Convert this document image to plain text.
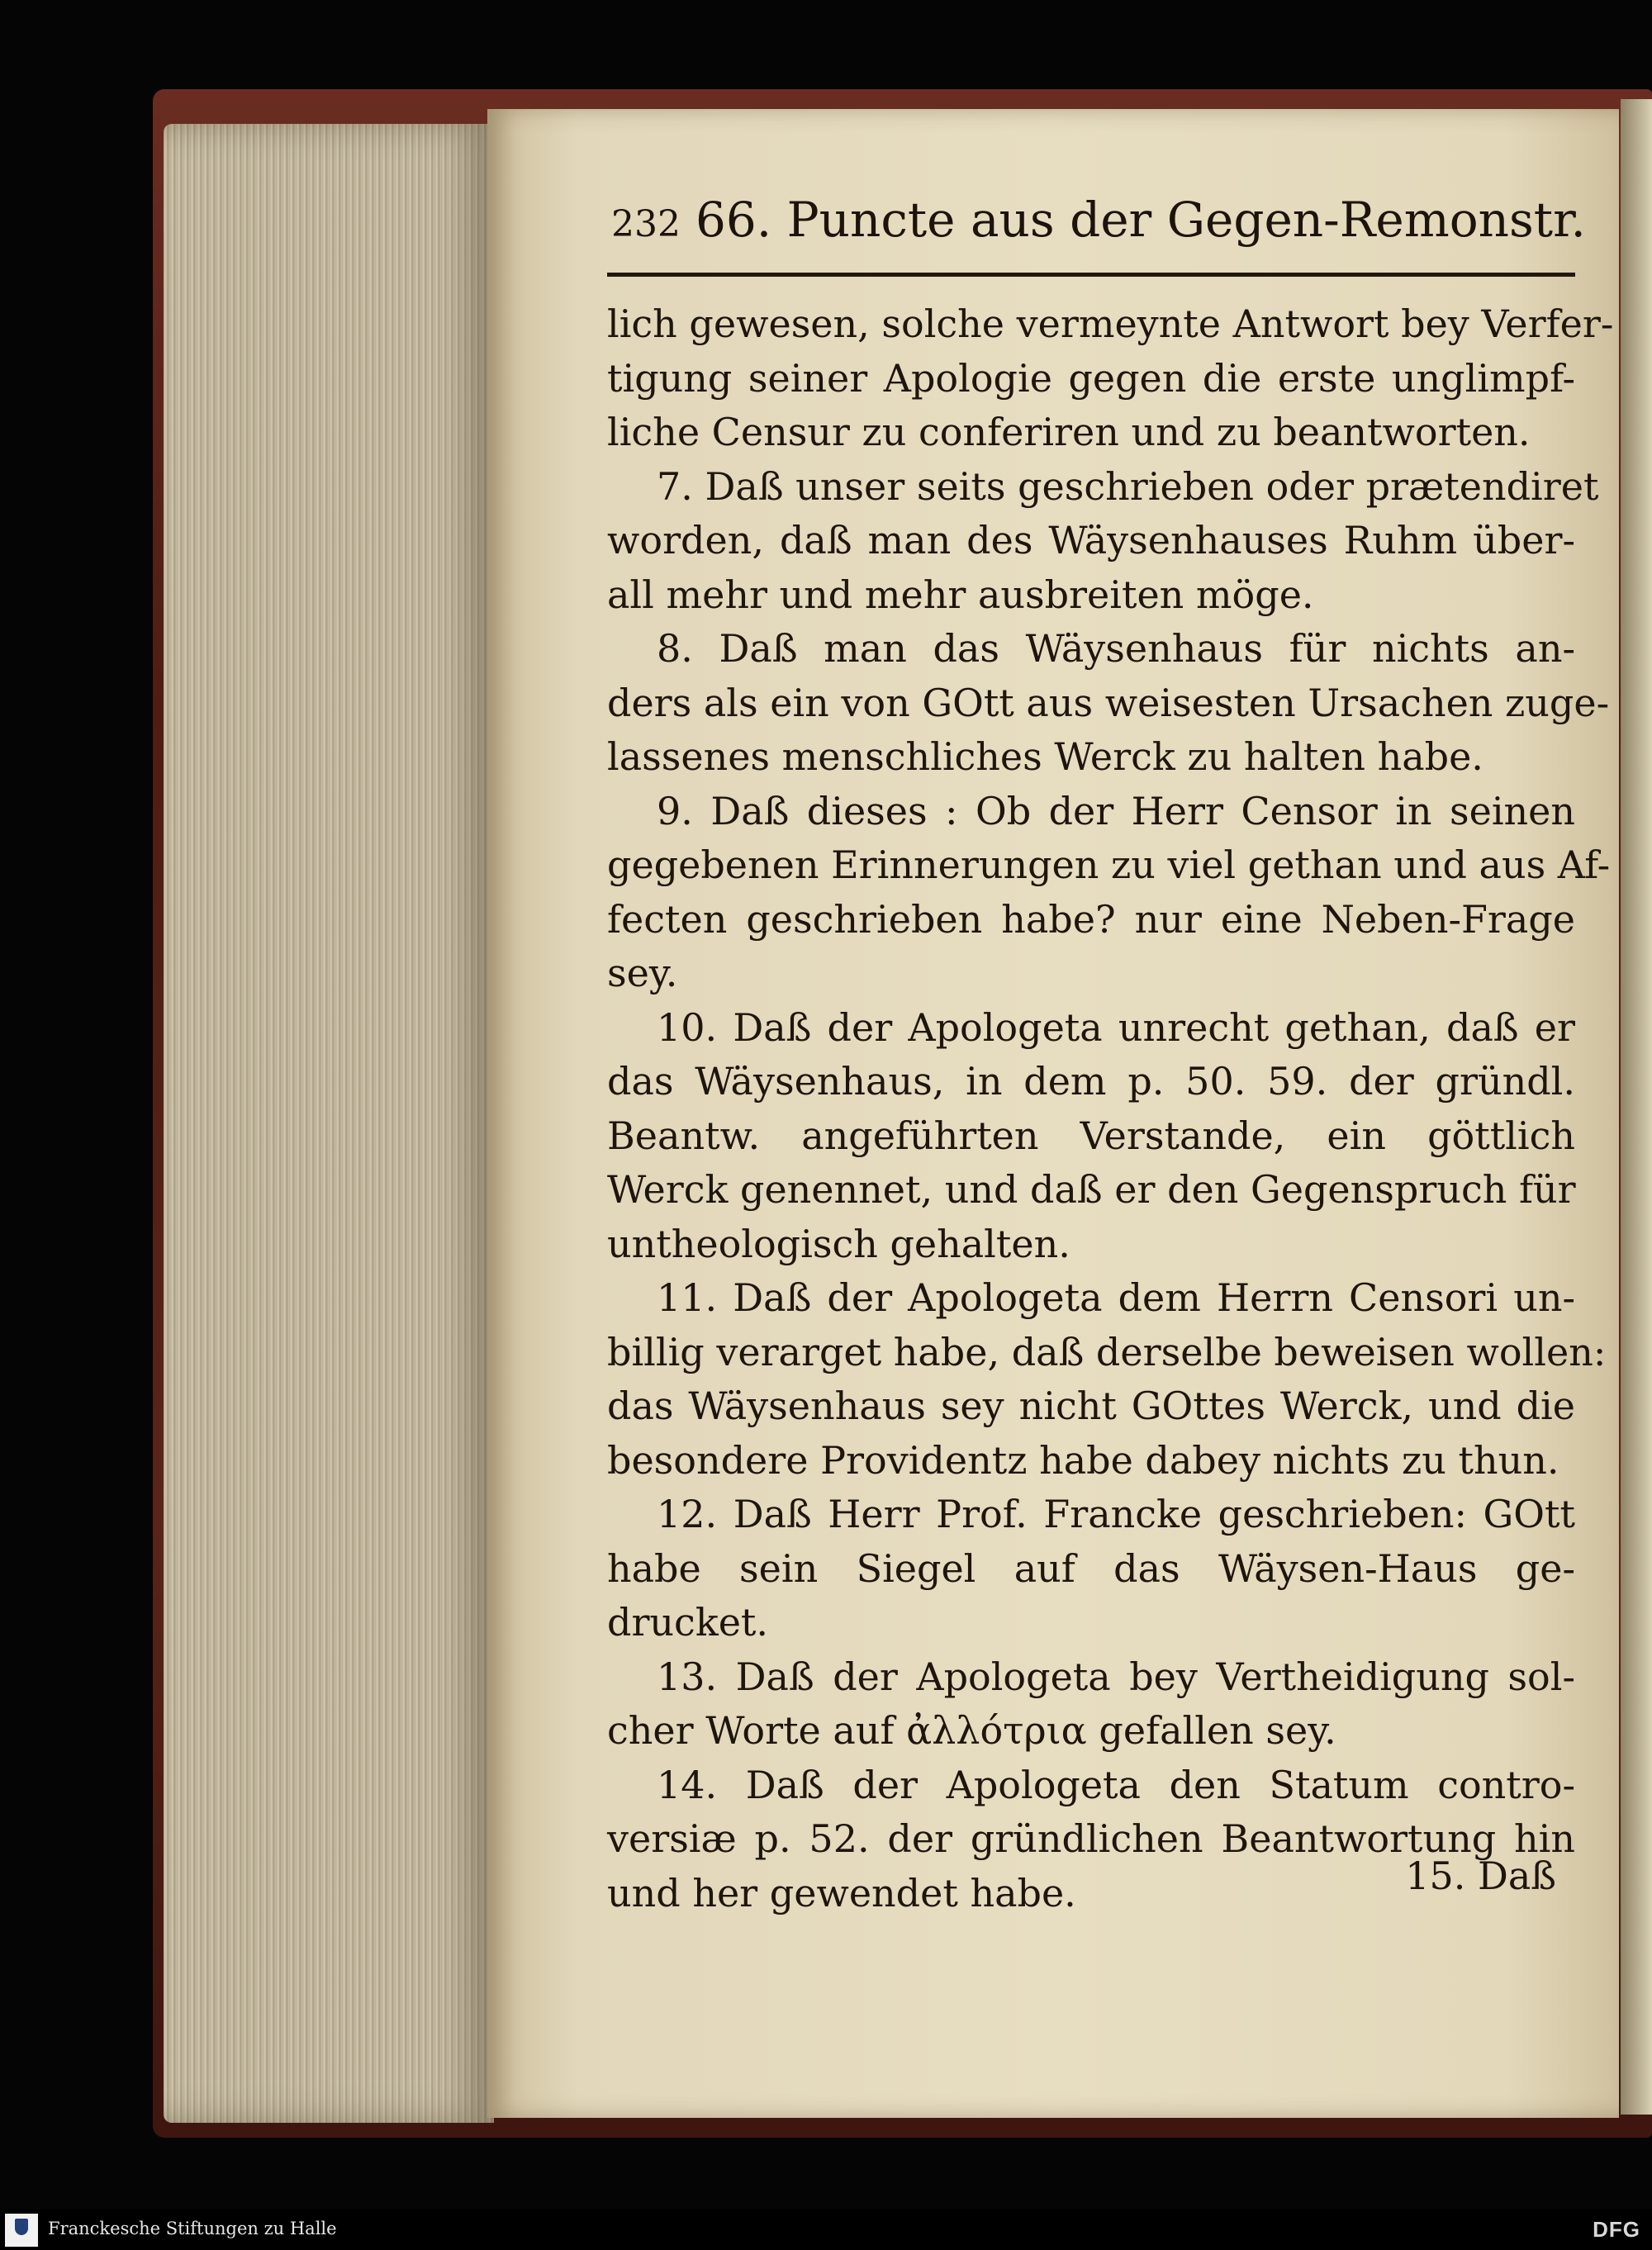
232 66. Puncte aus der Gegen-Remonstr.
lich gewesen, solche vermeynte Antwort bey Verfer-
tigung seiner Apologie gegen die erste unglimpf-
liche Censur zu conferiren und zu beantworten.
7. Daß unser seits geschrieben oder prætendiret
worden, daß man des Wäysenhauses Ruhm über-
all mehr und mehr ausbreiten möge.
8. Daß man das Wäysenhaus für nichts an-
ders als ein von GOtt aus weisesten Ursachen zuge-
lassenes menschliches Werck zu halten habe.
9. Daß dieses : Ob der Herr Censor in seinen
gegebenen Erinnerungen zu viel gethan und aus Af-
fecten geschrieben habe? nur eine Neben-Frage
sey.
10. Daß der Apologeta unrecht gethan, daß er
das Wäysenhaus, in dem p. 50. 59. der gründl.
Beantw. angeführten Verstande, ein göttlich
Werck genennet, und daß er den Gegenspruch für
untheologisch gehalten.
11. Daß der Apologeta dem Herrn Censori un-
billig verarget habe, daß derselbe beweisen wollen:
das Wäysenhaus sey nicht GOttes Werck, und die
besondere Providentz habe dabey nichts zu thun.
12. Daß Herr Prof. Francke geschrieben: GOtt
habe sein Siegel auf das Wäysen-Haus ge-
drucket.
13. Daß der Apologeta bey Vertheidigung sol-
cher Worte auf ἀλλότρια gefallen sey.
14. Daß der Apologeta den Statum contro-
versiæ p. 52. der gründlichen Beantwortung hin
und her gewendet habe.	15. Daß
Franckesche Stiftungen zu Halle	DFG
